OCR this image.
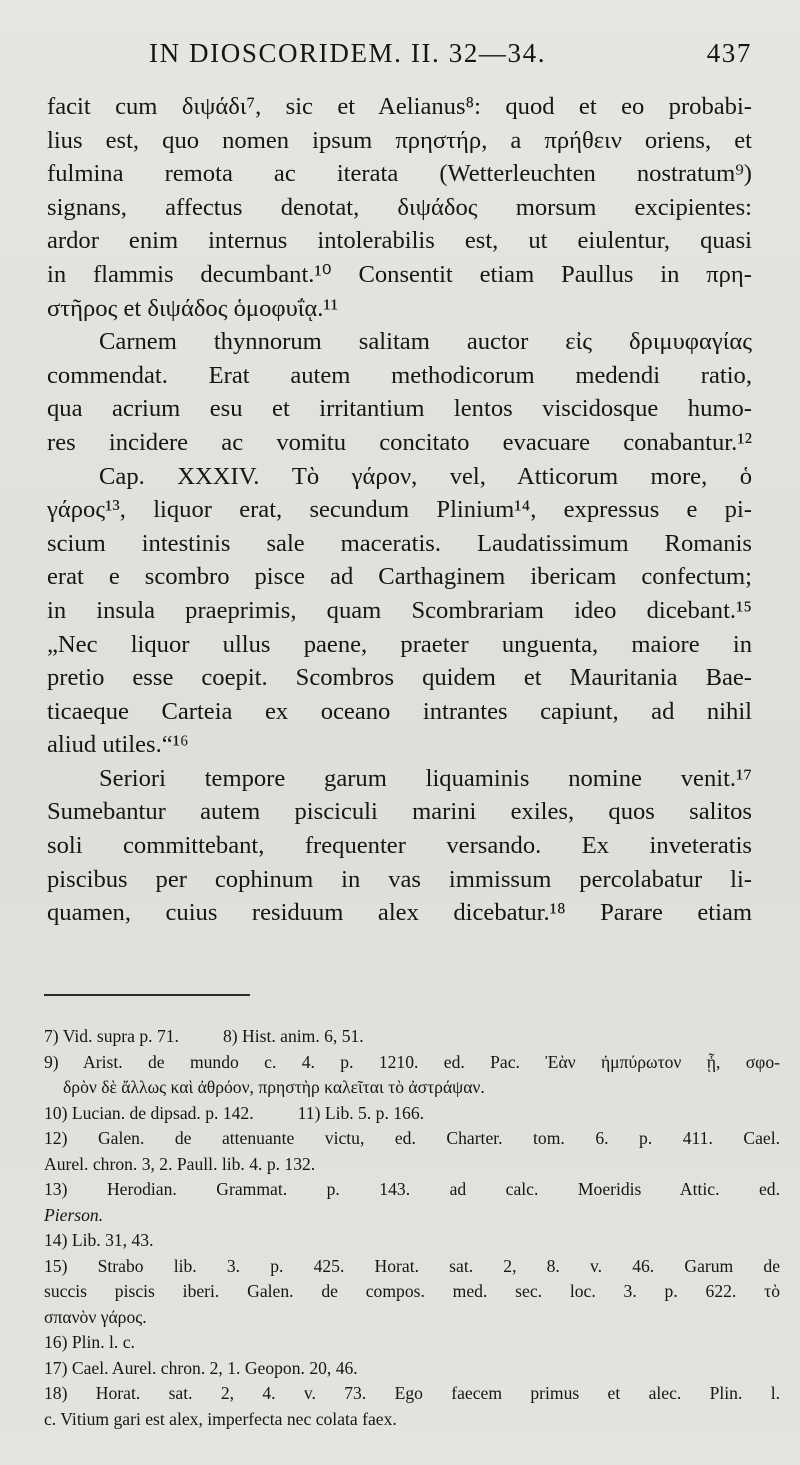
IN DIOSCORIDEM. II. 32—34.	437
facit cum διψάδι⁷, sic et Aelianus⁸: quod et eo probabi-
lius est, quo nomen ipsum πρηστήρ, a πρήθειν oriens, et
fulmina remota ac iterata (Wetterleuchten nostratum⁹)
signans, affectus denotat, διψάδος morsum excipientes:
ardor enim internus intolerabilis est, ut eiulentur, quasi
in flammis decumbant.¹⁰ Consentit etiam Paullus in πρη-
στῆρος et διψάδος ὁμοφυΐᾳ.¹¹
Carnem thynnorum salitam auctor εἰς δριμυφαγίας
commendat. Erat autem methodicorum medendi ratio,
qua acrium esu et irritantium lentos viscidosque humo-
res incidere ac vomitu concitato evacuare conabantur.¹²
Cap. XXXIV. Τὸ γάρον, vel, Atticorum more, ὁ
γάρος¹³, liquor erat, secundum Plinium¹⁴, expressus e pi-
scium intestinis sale maceratis. Laudatissimum Romanis
erat e scombro pisce ad Carthaginem ibericam confectum;
in insula praeprimis, quam Scombrariam ideo dicebant.¹⁵
„Nec liquor ullus paene, praeter unguenta, maiore in
pretio esse coepit. Scombros quidem et Mauritania Bae-
ticaeque Carteia ex oceano intrantes capiunt, ad nihil
aliud utiles.“¹⁶
Seriori tempore garum liquaminis nomine venit.¹⁷
Sumebantur autem pisciculi marini exiles, quos salitos
soli committebant, frequenter versando. Ex inveteratis
piscibus per cophinum in vas immissum percolabatur li-
quamen, cuius residuum alex dicebatur.¹⁸ Parare etiam
7) Vid. supra p. 71.	8) Hist. anim. 6, 51.
9) Arist. de mundo c. 4. p. 1210. ed. Pac. Ἐὰν ἠμπύρωτον ᾖ, σφο-
δρὸν δὲ ἄλλως καὶ ἀθρόον, πρηστὴρ καλεῖται τὸ ἀστράψαν.
10) Lucian. de dipsad. p. 142.	11) Lib. 5. p. 166.
12) Galen. de attenuante victu, ed. Charter. tom. 6. p. 411. Cael.
Aurel. chron. 3, 2. Paull. lib. 4. p. 132.
13) Herodian. Grammat. p. 143. ad calc. Moeridis Attic. ed.
Pierson.
14) Lib. 31, 43.
15) Strabo lib. 3. p. 425. Horat. sat. 2, 8. v. 46. Garum de
succis piscis iberi. Galen. de compos. med. sec. loc. 3. p. 622. τὸ
σπανὸν γάρος.
16) Plin. l. c.
17) Cael. Aurel. chron. 2, 1. Geopon. 20, 46.
18) Horat. sat. 2, 4. v. 73. Ego faecem primus et alec. Plin. l.
c. Vitium gari est alex, imperfecta nec colata faex.
